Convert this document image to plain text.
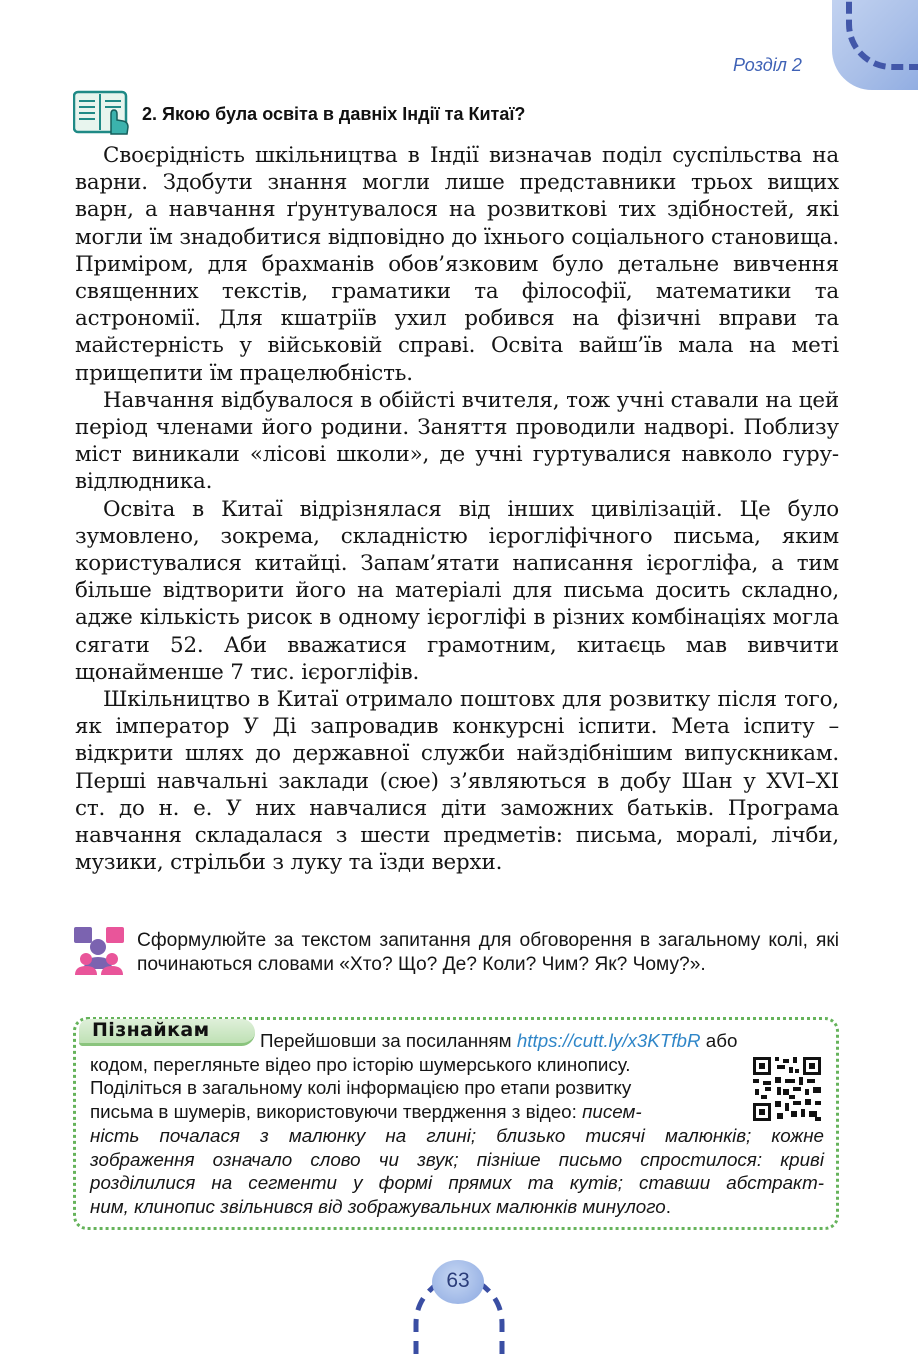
Розділ 2
2. Якою була освіта в давніх Індії та Китаї?

Своєрідність шкільництва в Індії визначав поділ суспільства на варни. Здобути знання могли лише представники трьох вищих варн, а навчання ґрунтувалося на розвиткові тих здібностей, які могли їм знадобитися відповідно до їхнього соціального становища. Приміром, для брахманів обов’язковим було детальне вивчення священних текстів, граматики та філософії, математики та астрономії. Для кшатріїв ухил робився на фізичні вправи та майстерність у військовій справі. Освіта вайш’їв мала на меті прищепити їм працелюбність.

Навчання відбувалося в обійсті вчителя, тож учні ставали на цей період членами його родини. Заняття проводили надворі. Поблизу міст виникали «лісові школи», де учні гуртувалися навколо гуру-відлюдника.

Освіта в Китаї відрізнялася від інших цивілізацій. Це було зумовлено, зокрема, складністю ієрогліфічного письма, яким користувалися китайці. Запам’ятати написання ієрогліфа, а тим більше відтворити його на матеріалі для письма досить складно, адже кількість рисок в одному ієрогліфі в різних комбінаціях могла сягати 52. Аби вважатися грамотним, китаєць мав вивчити щонайменше 7 тис. ієрогліфів.

Шкільництво в Китаї отримало поштовх для розвитку після того, як імператор У Ді запровадив конкурсні іспити. Мета іспиту – відкрити шлях до державної служби найздібнішим випускникам. Перші навчальні заклади (сюе) з’являються в добу Шан у XVI–XI ст. до н. е. У них навчалися діти заможних батьків. Програма навчання складалася з шести предметів: письма, моралі, лічби, музики, стрільби з луку та їзди верхи.

Сформулюйте за текстом запитання для обговорення в загальному колі, які починаються словами «Хто? Що? Де? Коли? Чим? Як? Чому?».
Пізнайкам	Перейшовши за посиланням https://cutt.ly/x3KTfbR або
кодом, перегляньте відео про історію шумерського клинопису.
Поділіться в загальному колі інформацією про етапи розвитку
письма в шумерів, використовуючи твердження з відео: писем-
ність почалася з малюнку на глині; близько тисячі малюнків; кожне
зображення означало слово чи звук; пізніше письмо спростилося: криві
розділилися на сегменти у формі прямих та кутів; ставши абстракт-
ним, клинопис звільнився від зображувальних малюнків минулого.
63
